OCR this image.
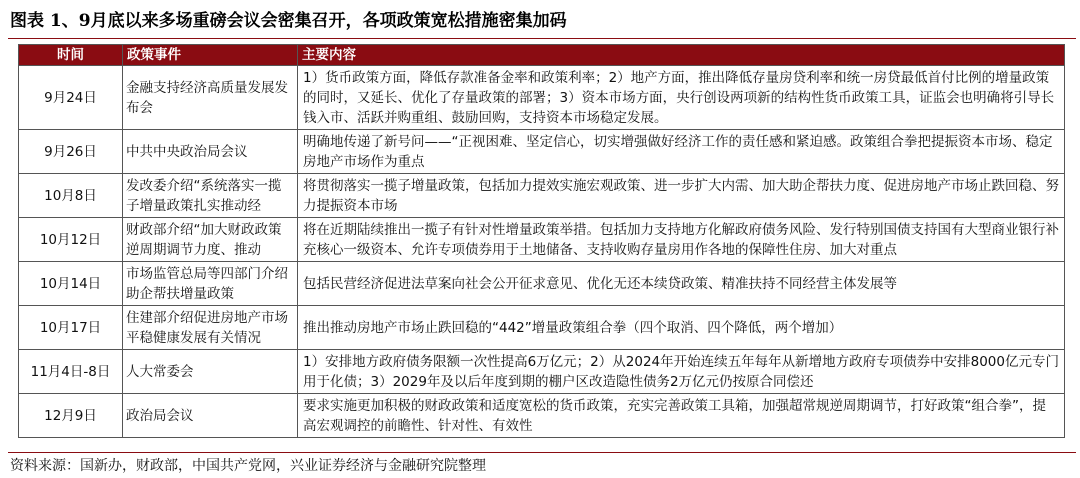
图表 1、9月底以来多场重磅会议会密集召开，各项政策宽松措施密集加码
时间	政策事件	主要内容
9月24日	金融支持经济高质量发展发布会	1）货币政策方面，降低存款准备金率和政策利率；2）地产方面，推出降低存量房贷利率和统一房贷最低首付比例的增量政策的同时，又延长、优化了存量政策的部署；3）资本市场方面，央行创设两项新的结构性货币政策工具，证监会也明确将引导长钱入市、活跃并购重组、鼓励回购，支持资本市场稳定发展。
9月26日	中共中央政治局会议	明确地传递了新号问——“正视困难、坚定信心，切实增强做好经济工作的责任感和紧迫感。政策组合拳把提振资本市场、稳定房地产市场作为重点
10月8日	发改委介绍“系统落实一揽子增量政策扎实推动经	将贯彻落实一揽子增量政策，包括加力提效实施宏观政策、进一步扩大内需、加大助企帮扶力度、促进房地产市场止跌回稳、努力提振资本市场
10月12日	财政部介绍“加大财政政策逆周期调节力度、推动	将在近期陆续推出一揽子有针对性增量政策举措。包括加力支持地方化解政府债务风险、发行特别国债支持国有大型商业银行补充核心一级资本、允许专项债券用于土地储备、支持收购存量房用作各地的保障性住房、加大对重点
10月14日	市场监管总局等四部门介绍助企帮扶增量政策	包括民营经济促进法草案向社会公开征求意见、优化无还本续贷政策、精准扶持不同经营主体发展等
10月17日	住建部介绍促进房地产市场平稳健康发展有关情况	推出推动房地产市场止跌回稳的“442”增量政策组合拳（四个取消、四个降低，两个增加）
11月4日-8日	人大常委会	1）安排地方政府债务限额一次性提高6万亿元；2）从2024年开始连续五年每年从新增地方政府专项债券中安排8000亿元专门用于化债；3）2029年及以后年度到期的棚户区改造隐性债务2万亿元仍按原合同偿还
12月9日	政治局会议	要求实施更加积极的财政政策和适度宽松的货币政策，充实完善政策工具箱，加强超常规逆周期调节，打好政策“组合拳”，提高宏观调控的前瞻性、针对性、有效性
资料来源：国新办，财政部，中国共产党网，兴业证券经济与金融研究院整理
